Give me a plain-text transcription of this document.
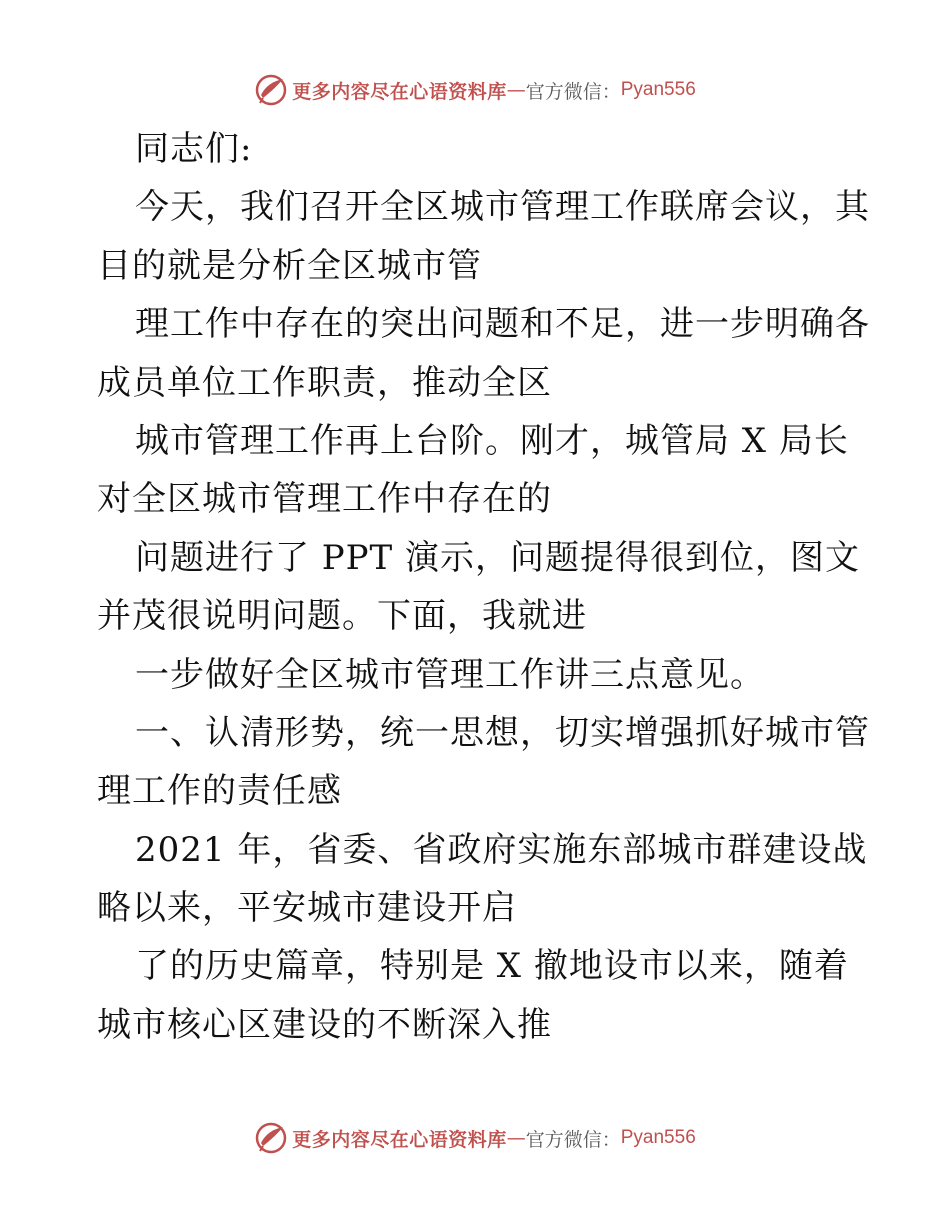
更多内容尽在心语资料库 — 官方微信： Pyan556
同志们:
今天，我们召开全区城市管理工作联席会议，其
目的就是分析全区城市管
理工作中存在的突出问题和不足，进一步明确各
成员单位工作职责，推动全区
城市管理工作再上台阶。刚才，城管局 X 局长
对全区城市管理工作中存在的
问题进行了 PPT 演示，问题提得很到位，图文
并茂很说明问题。下面，我就进
一步做好全区城市管理工作讲三点意见。
一、认清形势，统一思想，切实增强抓好城市管
理工作的责任感
2021 年，省委、省政府实施东部城市群建设战
略以来，平安城市建设开启
了的历史篇章，特别是 X 撤地设市以来，随着
城市核心区建设的不断深入推
更多内容尽在心语资料库 — 官方微信： Pyan556
